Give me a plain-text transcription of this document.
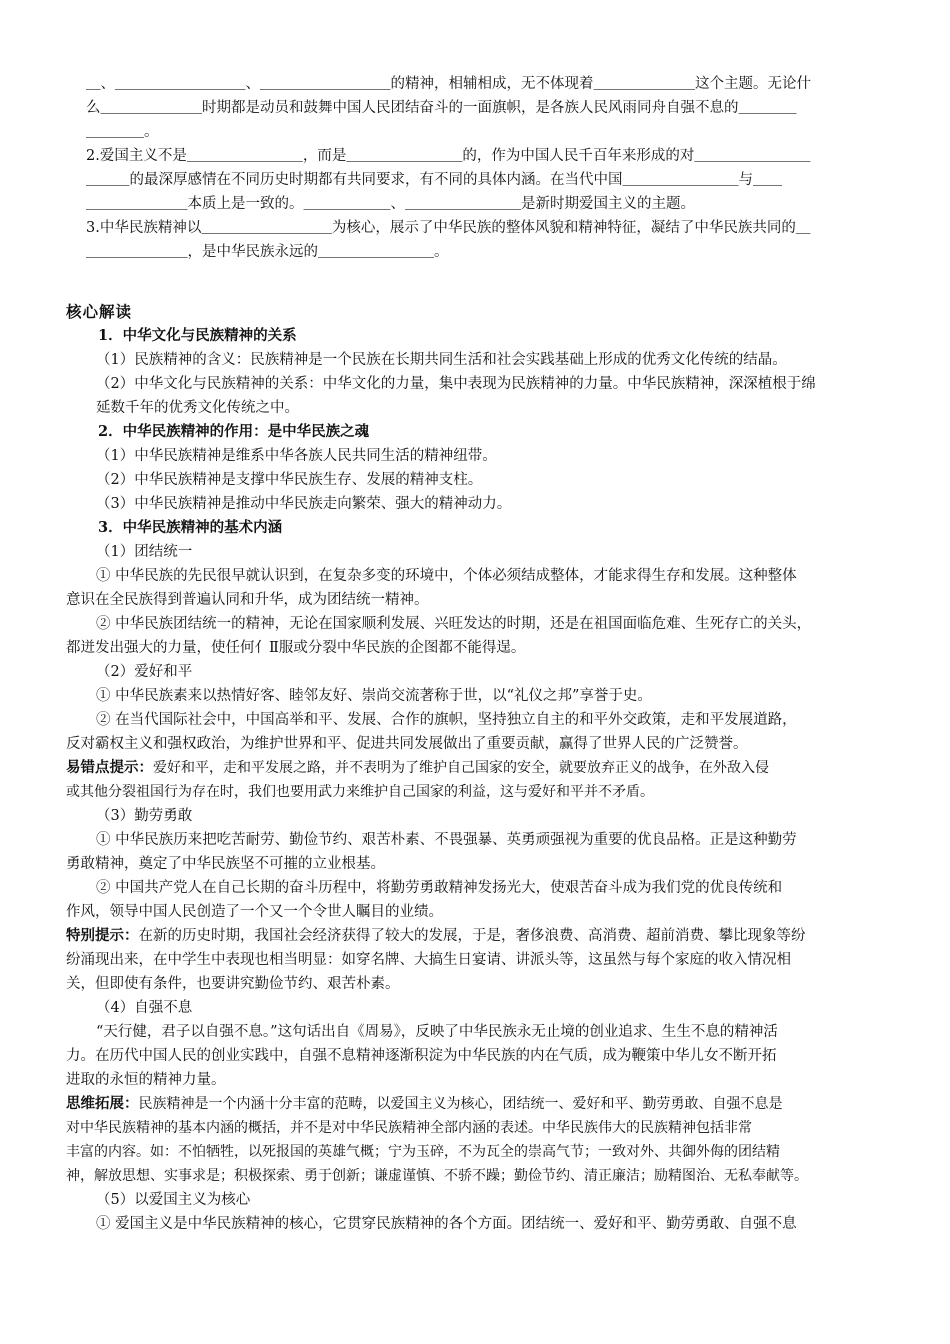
＿、＿＿＿＿＿＿＿＿＿、＿＿＿＿＿＿＿＿＿的精神，相辅相成，无不体现着＿＿＿＿＿＿＿这个主题。无论什
么＿＿＿＿＿＿＿时期都是动员和鼓舞中国人民团结奋斗的一面旗帜，是各族人民风雨同舟自强不息的＿＿＿＿
＿＿＿＿。
2.爱国主义不是＿＿＿＿＿＿＿＿，而是＿＿＿＿＿＿＿＿的，作为中国人民千百年来形成的对＿＿＿＿＿＿＿＿
＿＿＿的最深厚感情在不同历史时期都有共同要求，有不同的具体内涵。在当代中国＿＿＿＿＿＿＿＿与＿＿
＿＿＿＿＿＿＿本质上是一致的。＿＿＿＿＿＿、＿＿＿＿＿＿＿＿是新时期爱国主义的主题。
3.中华民族精神以＿＿＿＿＿＿＿＿＿为核心，展示了中华民族的整体风貌和精神特征，凝结了中华民族共同的＿
＿＿＿＿＿＿＿，是中华民族永远的＿＿＿＿＿＿＿＿。
核心解读
1．中华文化与民族精神的关系
（1）民族精神的含义：民族精神是一个民族在长期共同生活和社会实践基础上形成的优秀文化传统的结晶。
（2）中华文化与民族精神的关系：中华文化的力量，集中表现为民族精神的力量。中华民族精神，深深植根于绵
延数千年的优秀文化传统之中。
2．中华民族精神的作用：是中华民族之魂
（1）中华民族精神是维系中华各族人民共同生活的精神纽带。
（2）中华民族精神是支撑中华民族生存、发展的精神支柱。
（3）中华民族精神是推动中华民族走向繁荣、强大的精神动力。
3．中华民族精神的基术内涵
（1）团结统一
① 中华民族的先民很早就认识到，在复杂多变的环境中，个体必须结成整体，才能求得生存和发展。这种整体
意识在全民族得到普遍认同和升华，成为团结统一精神。
② 中华民族团结统一的精神，无论在国家顺利发展、兴旺发达的时期，还是在祖国面临危难、生死存亡的关头，
都迸发出强大的力量，使任何亻Ⅱ服或分裂中华民族的企图都不能得逞。
（2）爱好和平
① 中华民族素来以热情好客、睦邻友好、崇尚交流著称于世，以“礼仪之邦”享誉于史。
② 在当代国际社会中，中国高举和平、发展、合作的旗帜，坚持独立自主的和平外交政策，走和平发展道路，
反对霸权主义和强权政治，为维护世界和平、促进共同发展做出了重要贡献，赢得了世界人民的广泛赞誉。
易错点提示：爱好和平，走和平发展之路，并不表明为了维护自己国家的安全，就要放弃正义的战争，在外敌入侵
或其他分裂祖国行为存在时，我们也要用武力来维护自己国家的利益，这与爱好和平并不矛盾。
（3）勤劳勇敢
① 中华民族历来把吃苦耐劳、勤俭节约、艰苦朴素、不畏强暴、英勇顽强视为重要的优良品格。正是这种勤劳
勇敢精神，奠定了中华民族坚不可摧的立业根基。
② 中国共产党人在自己长期的奋斗历程中，将勤劳勇敢精神发扬光大，使艰苦奋斗成为我们党的优良传统和
作风，领导中国人民创造了一个又一个令世人瞩目的业绩。
特别提示：在新的历史时期，我国社会经济获得了较大的发展，于是，奢侈浪费、高消费、超前消费、攀比现象等纷
纷涌现出来，在中学生中表现也相当明显：如穿名牌、大搞生日宴请、讲派头等，这虽然与每个家庭的收入情况相
关，但即使有条件，也要讲究勤俭节约、艰苦朴素。
（4）自强不息
“天行健，君子以自强不息。”这句话出自《周易》，反映了中华民族永无止境的创业追求、生生不息的精神活
力。在历代中国人民的创业实践中，自强不息精神逐渐积淀为中华民族的内在气质，成为鞭策中华儿女不断开拓
进取的永恒的精神力量。
思维拓展：民族精神是一个内涵十分丰富的范畴，以爱国主义为核心，团结统一、爱好和平、勤劳勇敢、自强不息是
对中华民族精神的基本内涵的概括，并不是对中华民族精神全部内涵的表述。中华民族伟大的民族精神包括非常
丰富的内容。如：不怕牺牲，以死报国的英雄气概；宁为玉碎，不为瓦全的崇高气节；一致对外、共御外侮的团结精
神，解放思想、实事求是；积极探索、勇于创新；谦虚谨慎、不骄不躁；勤俭节约、清正廉洁；励精图治、无私奉献等。
（5）以爱国主义为核心
① 爱国主义是中华民族精神的核心，它贯穿民族精神的各个方面。团结统一、爱好和平、勤劳勇敢、自强不息
